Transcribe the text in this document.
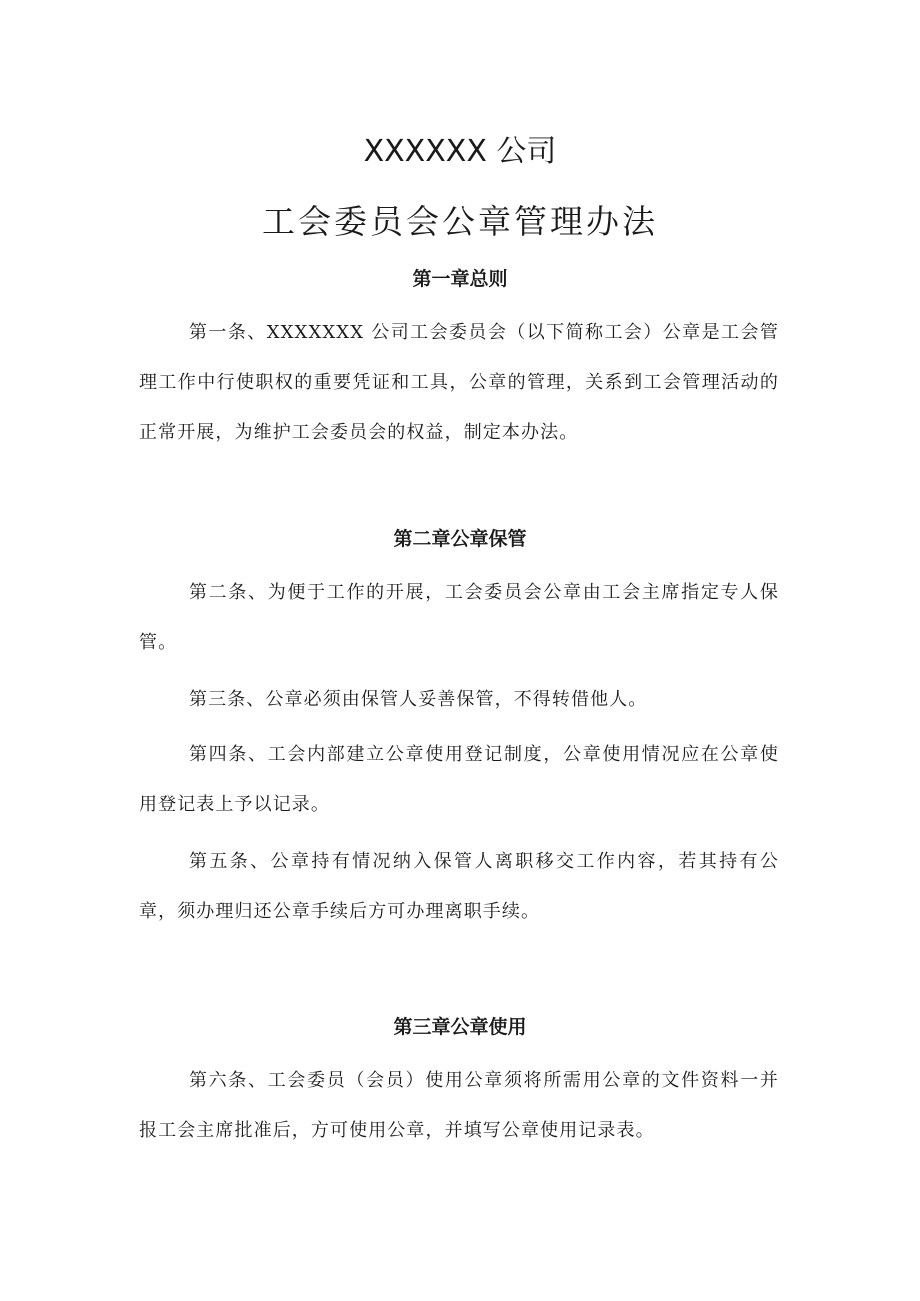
XXXXXX 公司
工会委员会公章管理办法
第一章总则

第一条、XXXXXXX 公司工会委员会（以下简称工会）公章是工会管理工作中行使职权的重要凭证和工具，公章的管理，关系到工会管理活动的正常开展，为维护工会委员会的权益，制定本办法。

第二章公章保管

第二条、为便于工作的开展，工会委员会公章由工会主席指定专人保管。

第三条、公章必须由保管人妥善保管，不得转借他人。

第四条、工会内部建立公章使用登记制度，公章使用情况应在公章使用登记表上予以记录。

第五条、公章持有情况纳入保管人离职移交工作内容，若其持有公章，须办理归还公章手续后方可办理离职手续。

第三章公章使用

第六条、工会委员（会员）使用公章须将所需用公章的文件资料一并报工会主席批准后，方可使用公章，并填写公章使用记录表。
